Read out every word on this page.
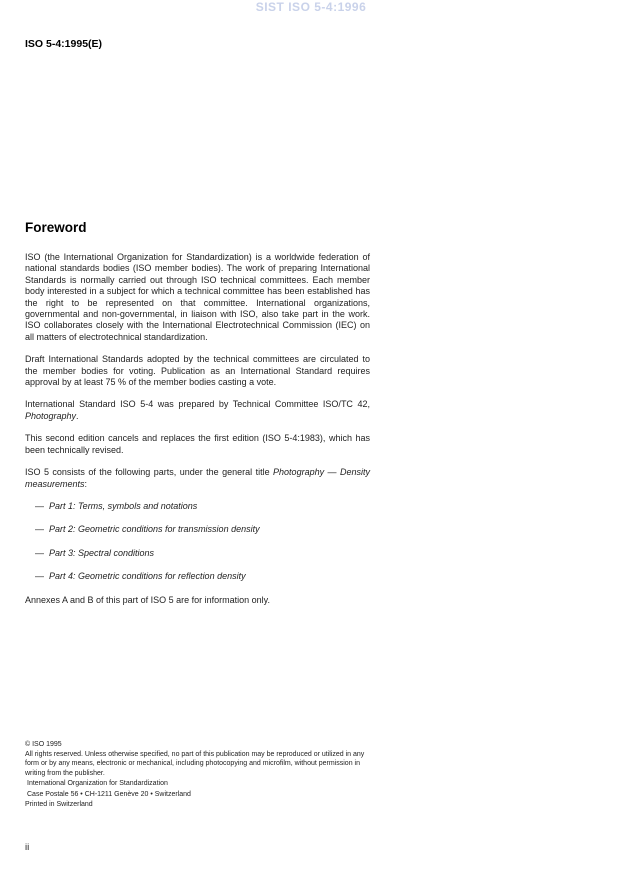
SIST ISO 5-4:1996
ISO 5-4:1995(E)
Foreword

ISO (the International Organization for Standardization) is a worldwide federation of national standards bodies (ISO member bodies). The work of preparing International Standards is normally carried out through ISO technical committees. Each member body interested in a subject for which a technical committee has been established has the right to be represented on that committee. International organizations, governmental and non-governmental, in liaison with ISO, also take part in the work. ISO collaborates closely with the International Electrotechnical Commission (IEC) on all matters of electrotechnical standardization.

Draft International Standards adopted by the technical committees are circulated to the member bodies for voting. Publication as an International Standard requires approval by at least 75 % of the member bodies casting a vote.

International Standard ISO 5-4 was prepared by Technical Committee ISO/TC 42, Photography.

This second edition cancels and replaces the first edition (ISO 5-4:1983), which has been technically revised.

ISO 5 consists of the following parts, under the general title Photography — Density measurements:

— Part 1: Terms, symbols and notations
— Part 2: Geometric conditions for transmission density
— Part 3: Spectral conditions
— Part 4: Geometric conditions for reflection density

Annexes A and B of this part of ISO 5 are for information only.

© ISO 1995
All rights reserved. Unless otherwise specified, no part of this publication may be reproduced or utilized in any form or by any means, electronic or mechanical, including photocopying and microfilm, without permission in writing from the publisher.
International Organization for Standardization
Case Postale 56 • CH-1211 Genève 20 • Switzerland
Printed in Switzerland
ii
